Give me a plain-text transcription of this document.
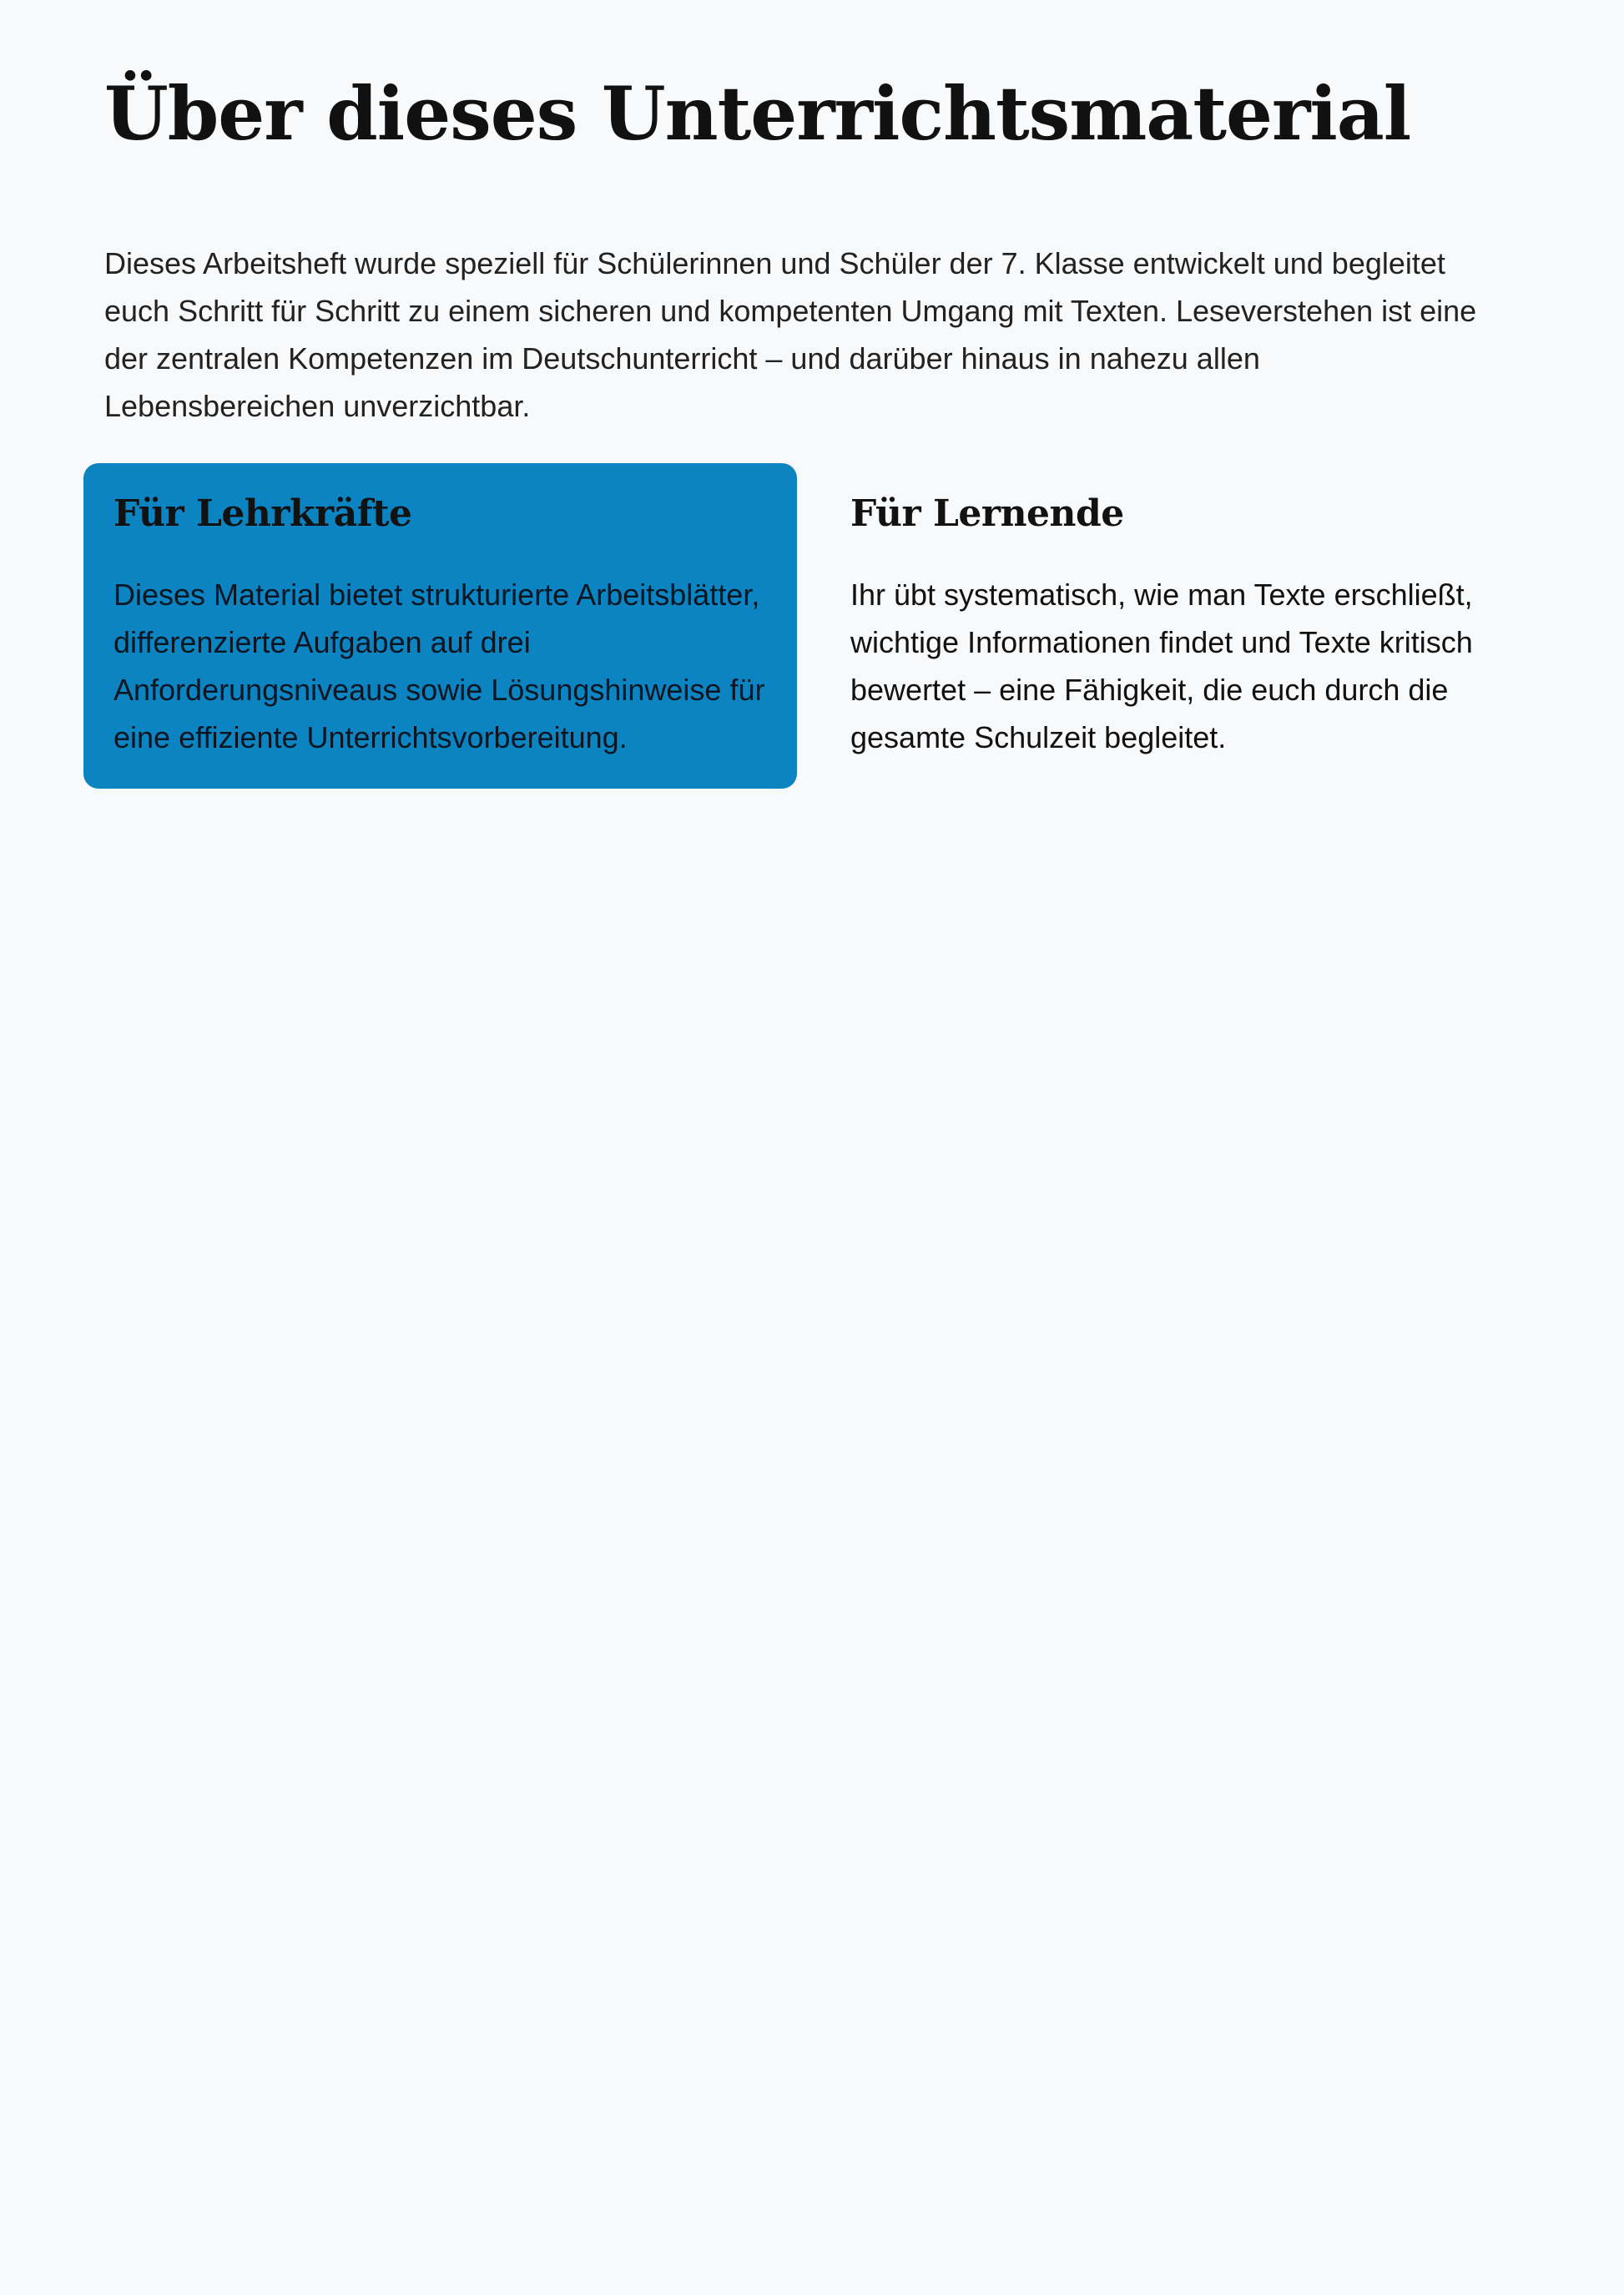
Über dieses Unterrichtsmaterial

Dieses Arbeitsheft wurde speziell für Schülerinnen und Schüler der 7. Klasse entwickelt und begleitet euch Schritt für Schritt zu einem sicheren und kompetenten Umgang mit Texten. Leseverstehen ist eine der zentralen Kompetenzen im Deutschunterricht – und darüber hinaus in nahezu allen Lebensbereichen unverzichtbar.

Für Lehrkräfte

Dieses Material bietet strukturierte Arbeitsblätter, differenzierte Aufgaben auf drei Anforderungsniveaus sowie Lösungshinweise für eine effiziente Unterrichtsvorbereitung.

Für Lernende

Ihr übt systematisch, wie man Texte erschließt, wichtige Informationen findet und Texte kritisch bewertet – eine Fähigkeit, die euch durch die gesamte Schulzeit begleitet.
